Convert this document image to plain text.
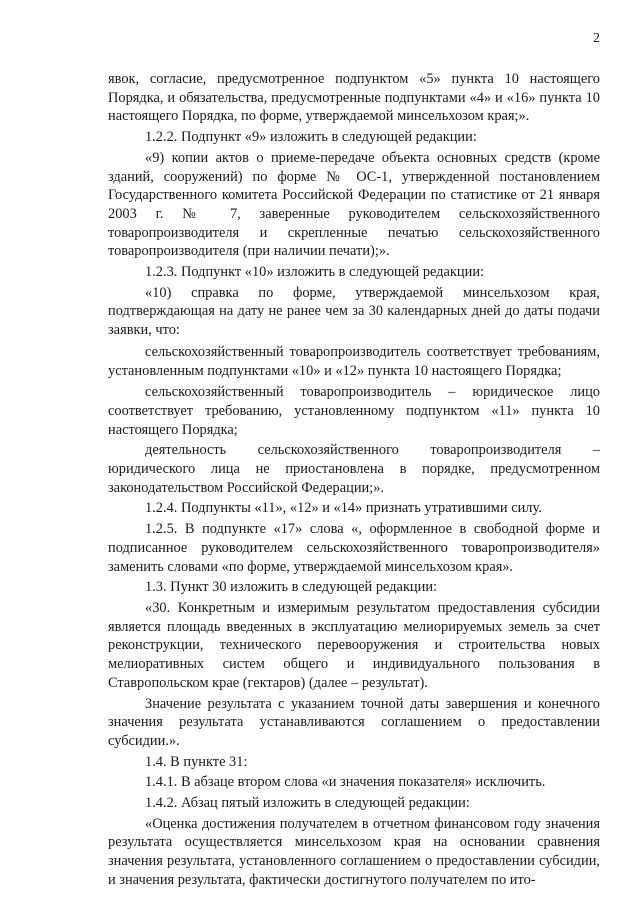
2

явок, согласие, предусмотренное подпунктом «5» пункта 10 настоящего Порядка, и обязательства, предусмотренные подпунктами «4» и «16» пункта 10 настоящего Порядка, по форме, утверждаемой минсельхозом края;».

1.2.2. Подпункт «9» изложить в следующей редакции:

«9) копии актов о приеме-передаче объекта основных средств (кроме зданий, сооружений) по форме № ОС-1, утвержденной постановлением Государственного комитета Российской Федерации по статистике от 21 января 2003 г. № 7, заверенные руководителем сельскохозяйственного товаропроизводителя и скрепленные печатью сельскохозяйственного товаропроизводителя (при наличии печати);».

1.2.3. Подпункт «10» изложить в следующей редакции:

«10) справка по форме, утверждаемой минсельхозом края, подтверждающая на дату не ранее чем за 30 календарных дней до даты подачи заявки, что:

сельскохозяйственный товаропроизводитель соответствует требованиям, установленным подпунктами «10» и «12» пункта 10 настоящего Порядка;

сельскохозяйственный товаропроизводитель – юридическое лицо соответствует требованию, установленному подпунктом «11» пункта 10 настоящего Порядка;

деятельность сельскохозяйственного товаропроизводителя – юридического лица не приостановлена в порядке, предусмотренном законодательством Российской Федерации;».

1.2.4. Подпункты «11», «12» и «14» признать утратившими силу.

1.2.5. В подпункте «17» слова «, оформленное в свободной форме и подписанное руководителем сельскохозяйственного товаропроизводителя» заменить словами «по форме, утверждаемой минсельхозом края».

1.3. Пункт 30 изложить в следующей редакции:

«30. Конкретным и измеримым результатом предоставления субсидии является площадь введенных в эксплуатацию мелиорируемых земель за счет реконструкции, технического перевооружения и строительства новых мелиоративных систем общего и индивидуального пользования в Ставропольском крае (гектаров) (далее – результат).

Значение результата с указанием точной даты завершения и конечного значения результата устанавливаются соглашением о предоставлении субсидии.».

1.4. В пункте 31:

1.4.1. В абзаце втором слова «и значения показателя» исключить.

1.4.2. Абзац пятый изложить в следующей редакции:

«Оценка достижения получателем в отчетном финансовом году значения результата осуществляется минсельхозом края на основании сравнения значения результата, установленного соглашением о предоставлении субсидии, и значения результата, фактически достигнутого получателем по ито-
